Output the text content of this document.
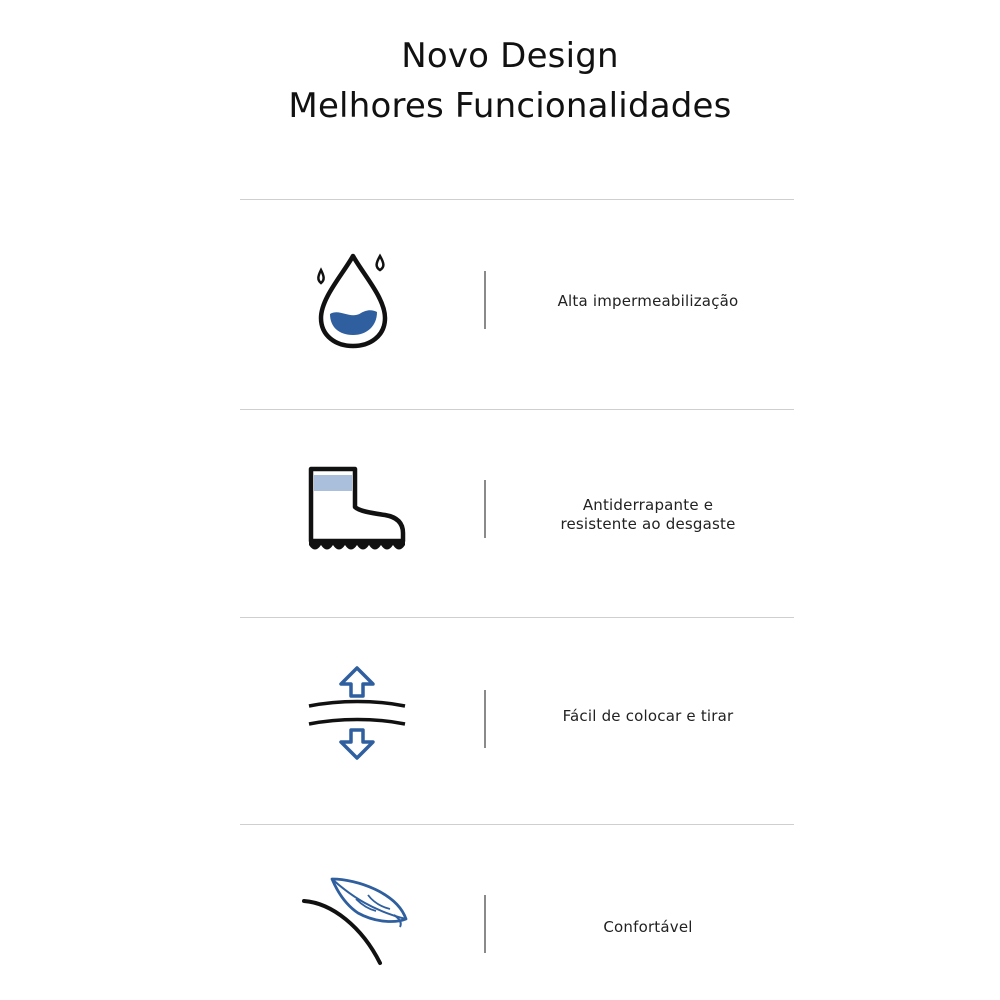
Novo Design
Melhores Funcionalidades
Alta impermeabilização
Antiderrapante e
resistente ao desgaste
Fácil de colocar e tirar
Confortável
